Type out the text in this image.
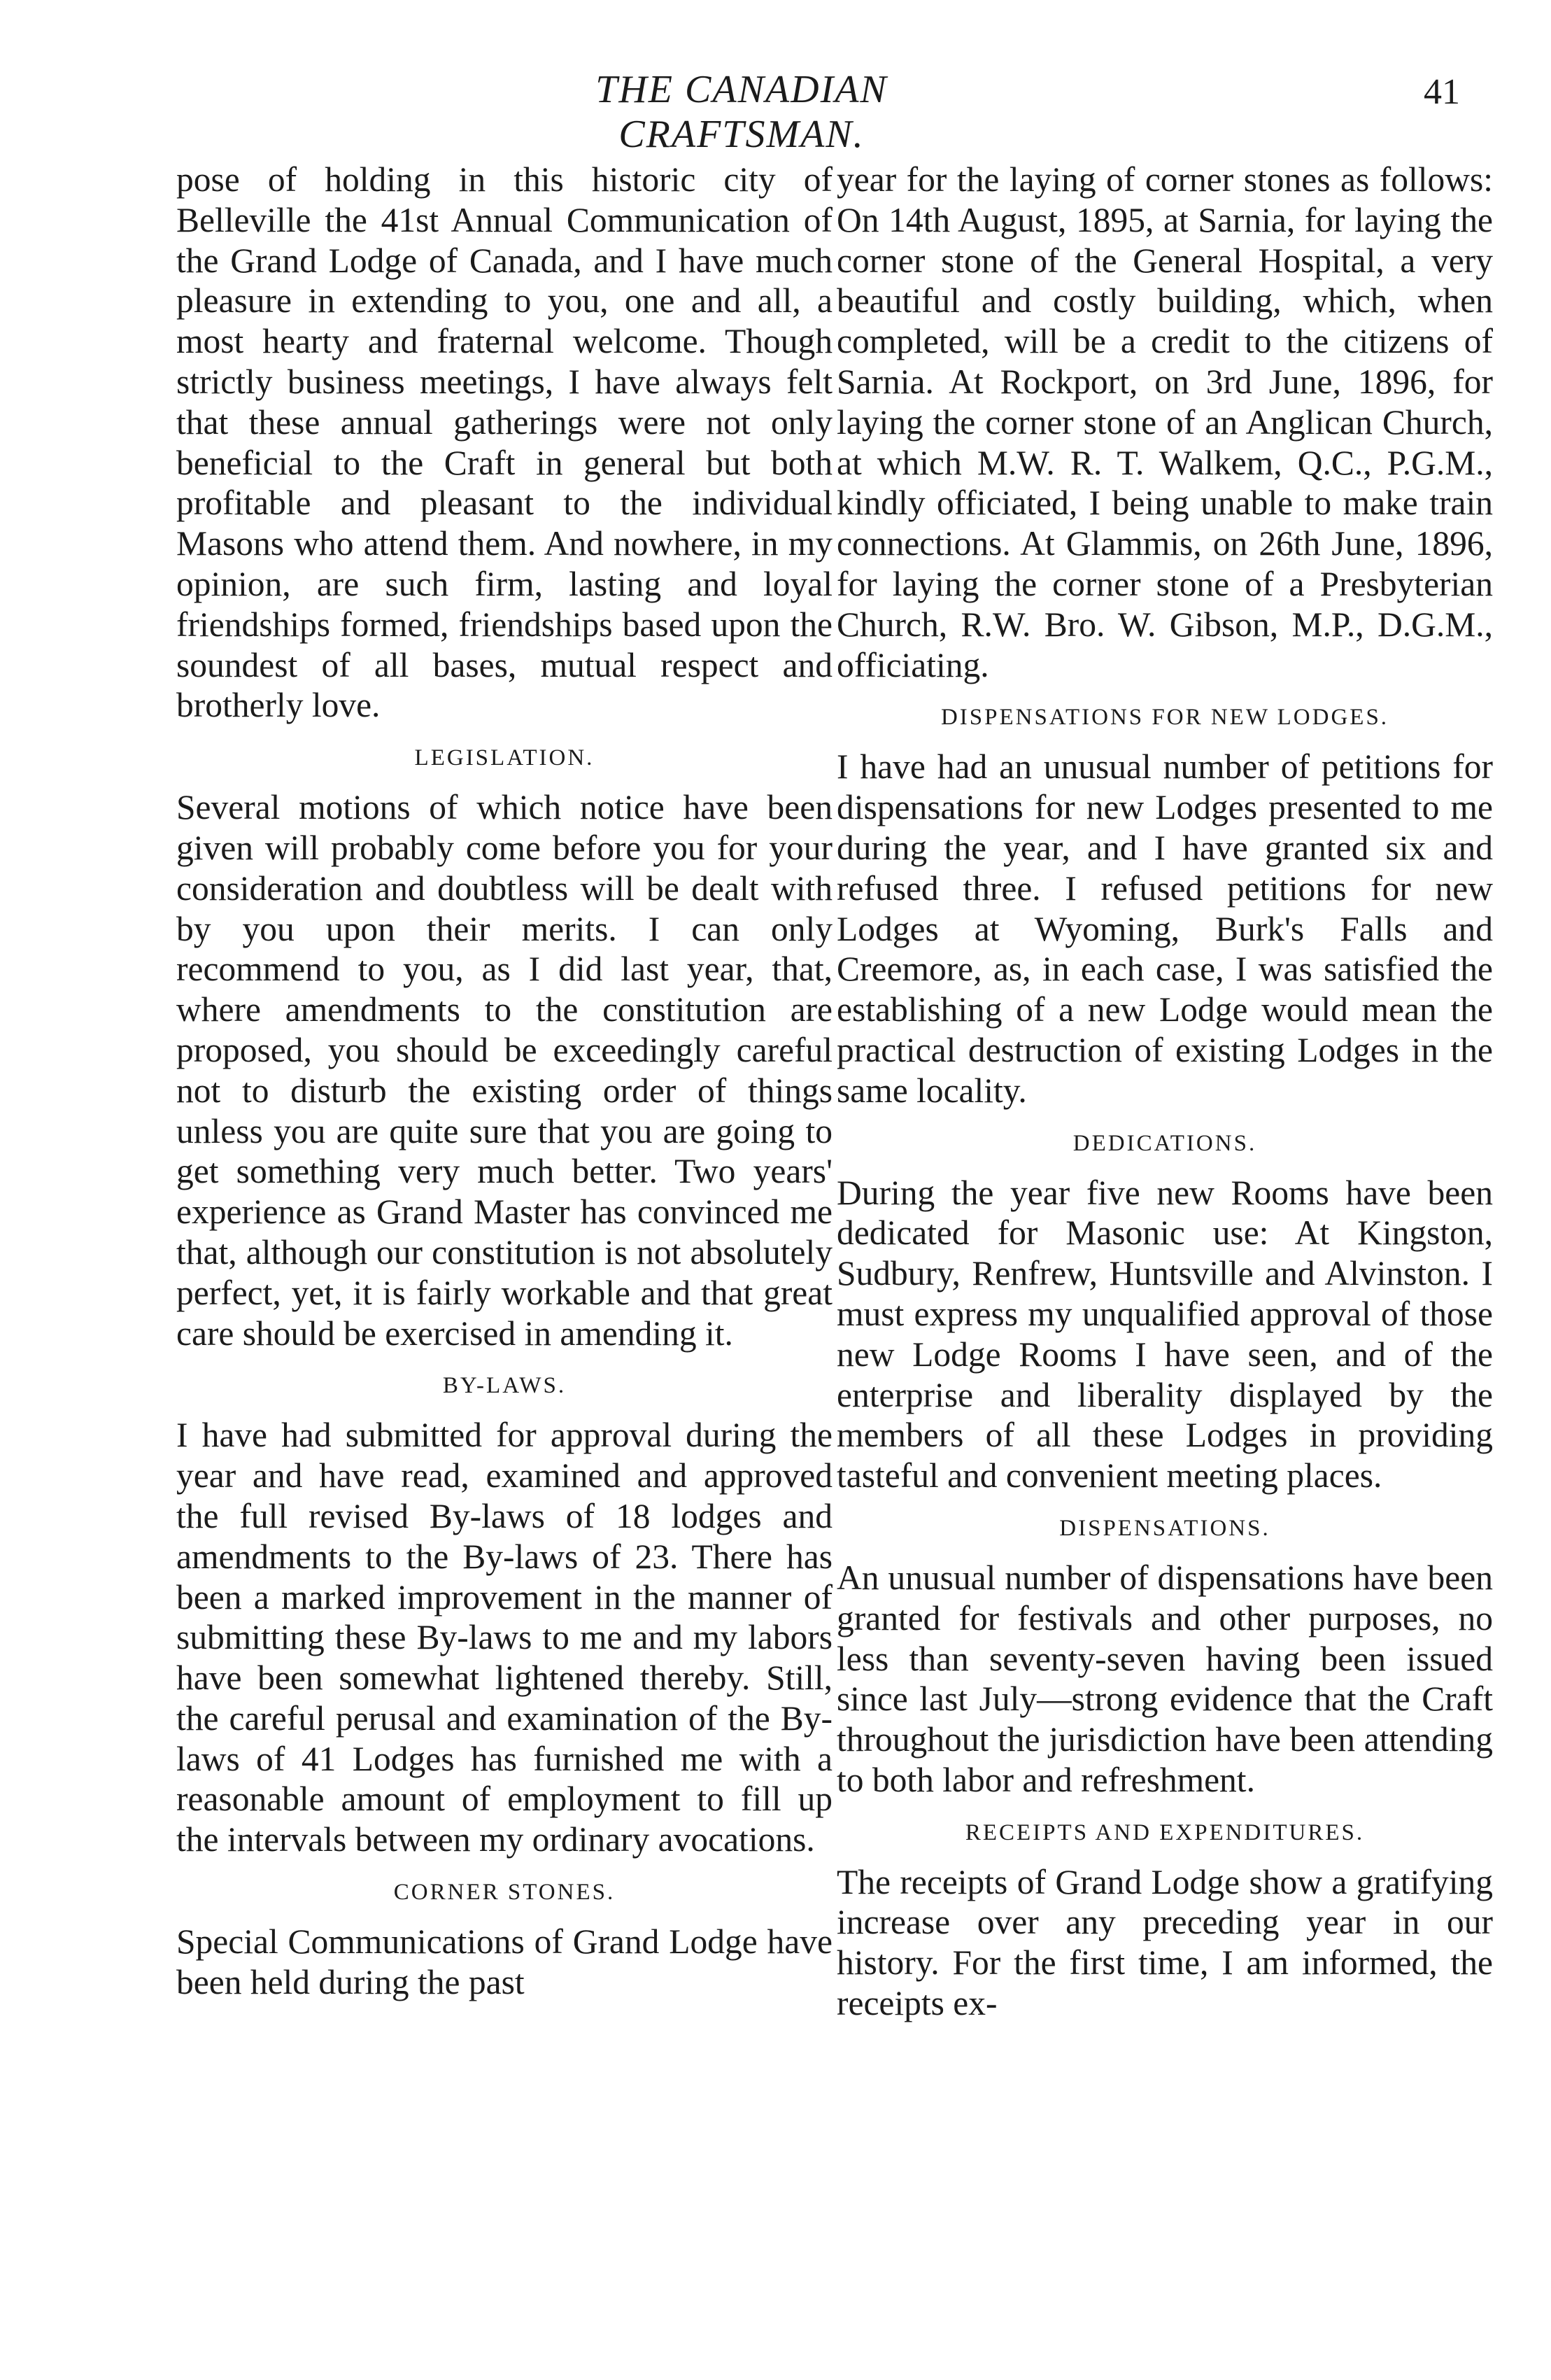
THE CANADIAN CRAFTSMAN.
41

pose of holding in this historic city of Belleville the 41st Annual Communication of the Grand Lodge of Canada, and I have much pleasure in extending to you, one and all, a most hearty and fraternal welcome. Though strictly business meetings, I have always felt that these annual gatherings were not only beneficial to the Craft in general but both profitable and pleasant to the individual Masons who attend them. And nowhere, in my opinion, are such firm, lasting and loyal friendships formed, friendships based upon the soundest of all bases, mutual respect and brotherly love.

LEGISLATION.

Several motions of which notice have been given will probably come before you for your consideration and doubtless will be dealt with by you upon their merits. I can only recommend to you, as I did last year, that, where amendments to the constitution are proposed, you should be exceedingly careful not to disturb the existing order of things unless you are quite sure that you are going to get something very much better. Two years' experience as Grand Master has convinced me that, although our constitution is not absolutely perfect, yet, it is fairly workable and that great care should be exercised in amending it.

BY-LAWS.

I have had submitted for approval during the year and have read, examined and approved the full revised By-laws of 18 lodges and amendments to the By-laws of 23. There has been a marked improvement in the manner of submitting these By-laws to me and my labors have been somewhat lightened thereby. Still, the careful perusal and examination of the By-laws of 41 Lodges has furnished me with a reasonable amount of employment to fill up the intervals between my ordinary avocations.

CORNER STONES.

Special Communications of Grand Lodge have been held during the past

year for the laying of corner stones as follows: On 14th August, 1895, at Sarnia, for laying the corner stone of the General Hospital, a very beautiful and costly building, which, when completed, will be a credit to the citizens of Sarnia. At Rockport, on 3rd June, 1896, for laying the corner stone of an Anglican Church, at which M.W. R. T. Walkem, Q.C., P.G.M., kindly officiated, I being unable to make train connections. At Glammis, on 26th June, 1896, for laying the corner stone of a Presbyterian Church, R.W. Bro. W. Gibson, M.P., D.G.M., officiating.

DISPENSATIONS FOR NEW LODGES.

I have had an unusual number of petitions for dispensations for new Lodges presented to me during the year, and I have granted six and refused three. I refused petitions for new Lodges at Wyoming, Burk's Falls and Creemore, as, in each case, I was satisfied the establishing of a new Lodge would mean the practical destruction of existing Lodges in the same locality.

DEDICATIONS.

During the year five new Rooms have been dedicated for Masonic use: At Kingston, Sudbury, Renfrew, Huntsville and Alvinston. I must express my unqualified approval of those new Lodge Rooms I have seen, and of the enterprise and liberality displayed by the members of all these Lodges in providing tasteful and convenient meeting places.

DISPENSATIONS.

An unusual number of dispensations have been granted for festivals and other purposes, no less than seventy-seven having been issued since last July—strong evidence that the Craft throughout the jurisdiction have been attending to both labor and refreshment.

RECEIPTS AND EXPENDITURES.

The receipts of Grand Lodge show a gratifying increase over any preceding year in our history. For the first time, I am informed, the receipts ex-
